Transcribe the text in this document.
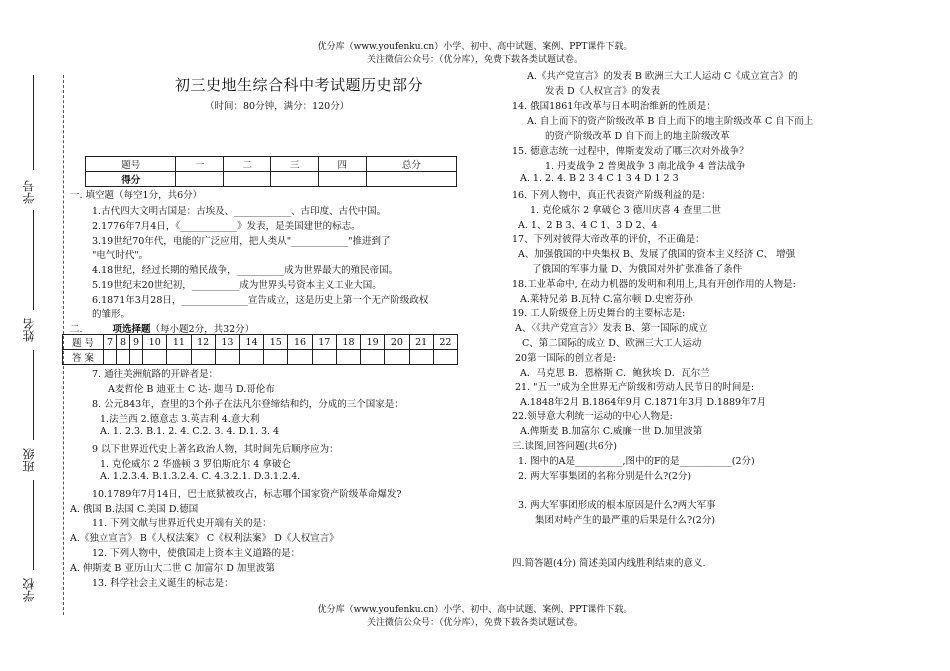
优分库（www.youfenku.cn）小学、初中、高中试题、案例、PPT课件下载。
关注微信公众号：（优分库），免费下载各类试题试卷。
优分库（www.youfenku.cn）小学、初中、高中试题、案例、PPT课件下载。
关注微信公众号：（优分库），免费下载各类试题试卷。
学号
姓名
班级
学校
初三史地生综合科中考试题历史部分
（时间：80分钟，满分：120分）
题号	一	二	三	四	总分
得分					
一. 填空题（每空1分，共6分）
1.古代四大文明古国是：古埃及、____________、古印度、古代中国。
2.1776年7月4日，《____________》发表，是美国建世的标志。
3.19世纪70年代，电能的广泛应用，把人类从"____________"推进到了
"电气时代"。
4.18世纪，经过长期的殖民战争，__________成为世界最大的殖民帝国。
5.19世纪末20世纪初，__________成为世界头号资本主义工业大国。
6.1871年3月28日，______________宣告成立，这是历史上第一个无产阶级政权
的雏形。
二.	项选择题（每小题2分，共32分）
题 号	7	8	9	10	11	12	13	14	15	16	17	18	19	20	21	22
答 案																
7. 通往美洲航路的开辟者是：
A麦哲伦 B 迪亚士 C 达- 迦马 D.哥伦布
8. 公元843年，查里的3个孙子在法凡尔登缔结和约，分成的三个国家是：
1.法兰西 2.德意志 3.英吉利 4.意大利
A. 1. 2.3. B.1. 2. 4. C.2. 3. 4. D.1. 3. 4
9 以下世界近代史上著名政治人物，其时间先后顺序应为：
1. 克伦威尔 2 华盛顿 3 罗伯斯庇尔 4 拿破仑
A. 1.2.3.4. B.1.3.2.4. C. 4.3.2.1. D.3.1.2.4.
10.1789年7月14日，巴士底狱被攻占，标志哪个国家资产阶级革命爆发?
A. 俄国 B.法国 C.美国 D.德国
11. 下列文献与世界近代史开端有关的是：
A.《独立宣言》 B《人权法案》 C《权利法案》 D《人权宣言》
12. 下列人物中，使俄国走上资本主义道路的是：
A. 伸斯麦 B 亚历山大二世 C 加富尔 D 加里波第
13. 科学社会主义诞生的标志是：
A.《共产党宣言》的发表 B 欧洲三大工人运动 C《成立宣言》的
发表 D《人权宣言》的发表
14. 俄国1861年改革与日本明治维新的性质是：
A. 自上而下的资产阶级改革 B 自上而下的地主阶级改革 C 自下而上
的资产阶级改革 D 自下而上的地主阶级改革
15. 德意志统一过程中，俾斯麦发动了哪三次对外战争？
1. 丹麦战争 2 普奥战争 3 南北战争 4 普法战争
A. 1. 2. 4. B 2 3 4 C 1 3 4 D 1 2 3
16. 下列人物中，真正代表资产阶级利益的是：
1. 克伦威尔 2 拿破仑 3 德川庆喜 4 查里二世
A. 1、2 B 3、4 C 1、3 D 2、4
17、下列对彼得大帝改革的评价，不正确是：
A、加强俄国的中央集权 B、发展了俄国的资本主义经济 C、 增强
了俄国的军事力量 D、为俄国对外扩张准备了条件
18.工业革命中, 在动力机器的发明和利用上,具有开创作用的人物是:
A.莱特兄弟 B.瓦特 C.富尔顿 D.史密芬孙
19. 工人阶级登上历史舞台的主要标志是:
A、〈《共产党宣言》〉发表 B、第一国际的成立
C、第二国际的成立 D、欧洲三大工人运动
20第一国际的创立者是:
A．马克思 B．恩格斯 C．鲍狄埃 D．瓦尔兰
21. "五一"成为全世界无产阶级和劳动人民节日的时间是:
A.1848年2月 B.1864年9月 C.1871年3月 D.1889年7月
22.领导意大利统一运动的中心人物是:
A.俾斯麦 B.加富尔 C.威廉一世 D.加里波第
三.读图,回答问题(共6分)
1. 图中的A是__________,图中的F的是___________(2分)
2. 两大军事集团的名称分别是什么?(2分)
3. 两大军事团形成的根本原因是什么?两大军事
集团对峙产生的最严重的后果是什么?(2分)
四.简答题(4分) 简述美国内线胜利结束的意义.
